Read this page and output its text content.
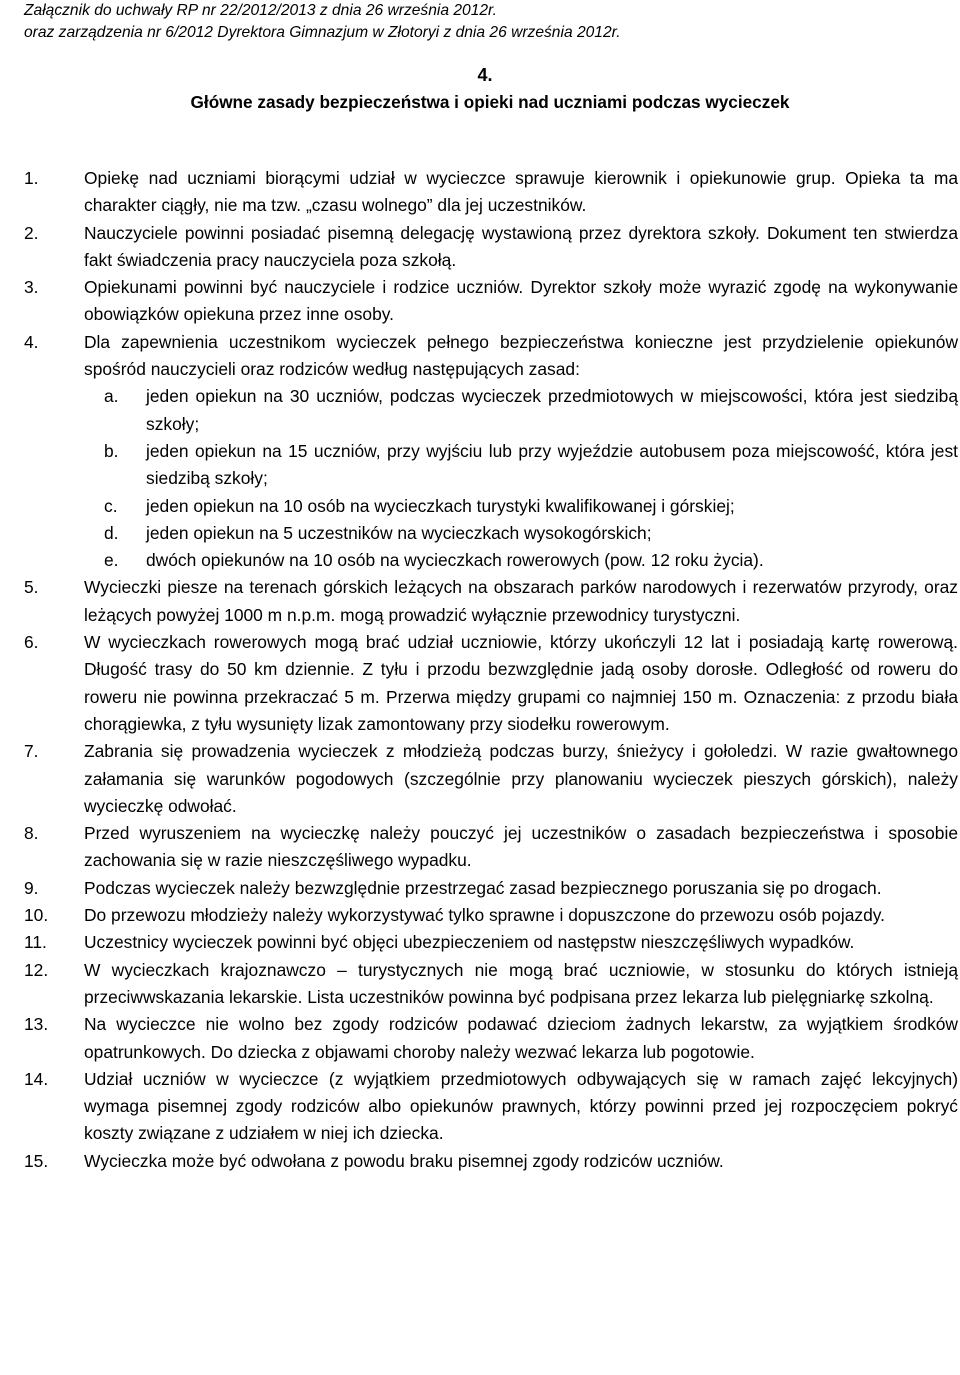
Załącznik do uchwały RP nr 22/2012/2013 z dnia 26 września 2012r.
oraz zarządzenia nr 6/2012 Dyrektora Gimnazjum w Złotoryi z dnia 26 września 2012r.
4.
Główne zasady bezpieczeństwa i opieki nad uczniami podczas wycieczek
1.	Opiekę nad uczniami biorącymi udział w wycieczce sprawuje kierownik i opiekunowie grup. Opieka ta ma charakter ciągły, nie ma tzw. „czasu wolnego” dla jej uczestników.
2.	Nauczyciele powinni posiadać pisemną delegację wystawioną przez dyrektora szkoły. Dokument ten stwierdza fakt świadczenia pracy nauczyciela poza szkołą.
3.	Opiekunami powinni być nauczyciele i rodzice uczniów. Dyrektor szkoły może wyrazić zgodę na wykonywanie obowiązków opiekuna przez inne osoby.
4.	Dla zapewnienia uczestnikom wycieczek pełnego bezpieczeństwa konieczne jest przydzielenie opiekunów spośród nauczycieli oraz rodziców według następujących zasad:
a.	jeden opiekun na 30 uczniów, podczas wycieczek przedmiotowych w miejscowości, która jest siedzibą szkoły;
b.	jeden opiekun na 15 uczniów, przy wyjściu lub przy wyjeździe autobusem poza miejscowość, która jest siedzibą szkoły;
c.	jeden opiekun na 10 osób na wycieczkach turystyki kwalifikowanej i górskiej;
d.	jeden opiekun na 5 uczestników na wycieczkach wysokogórskich;
e.	dwóch opiekunów na 10 osób na wycieczkach rowerowych (pow. 12 roku życia).
5.	Wycieczki piesze na terenach górskich leżących na obszarach parków narodowych i rezerwatów przyrody, oraz leżących powyżej 1000 m n.p.m. mogą prowadzić wyłącznie przewodnicy turystyczni.
6.	W wycieczkach rowerowych mogą brać udział uczniowie, którzy ukończyli 12 lat i posiadają kartę rowerową. Długość trasy do 50 km dziennie. Z tyłu i przodu bezwzględnie jadą osoby dorosłe. Odległość od roweru do roweru nie powinna przekraczać 5 m. Przerwa między grupami co najmniej 150 m. Oznaczenia: z przodu biała chorągiewka, z tyłu wysunięty lizak zamontowany przy siodełku rowerowym.
7.	Zabrania się prowadzenia wycieczek z młodzieżą podczas burzy, śnieżycy i gołoledzi. W razie gwałtownego załamania się warunków pogodowych (szczególnie przy planowaniu wycieczek pieszych górskich), należy wycieczkę odwołać.
8.	Przed wyruszeniem na wycieczkę należy pouczyć jej uczestników o zasadach bezpieczeństwa i sposobie zachowania się w razie nieszczęśliwego wypadku.
9.	Podczas wycieczek należy bezwzględnie przestrzegać zasad bezpiecznego poruszania się po drogach.
10.	Do przewozu młodzieży należy wykorzystywać tylko sprawne i dopuszczone do przewozu osób pojazdy.
11.	Uczestnicy wycieczek powinni być objęci ubezpieczeniem od następstw nieszczęśliwych wypadków.
12.	W wycieczkach krajoznawczo – turystycznych nie mogą brać uczniowie, w stosunku do których istnieją przeciwwskazania lekarskie. Lista uczestników powinna być podpisana przez lekarza lub pielęgniarkę szkolną.
13.	Na wycieczce nie wolno bez zgody rodziców podawać dzieciom żadnych lekarstw, za wyjątkiem środków opatrunkowych. Do dziecka z objawami choroby należy wezwać lekarza lub pogotowie.
14.	Udział uczniów w wycieczce (z wyjątkiem przedmiotowych odbywających się w ramach zajęć lekcyjnych) wymaga pisemnej zgody rodziców albo opiekunów prawnych, którzy powinni przed jej rozpoczęciem pokryć koszty związane z udziałem w niej ich dziecka.
15.	Wycieczka może być odwołana z powodu braku pisemnej zgody rodziców uczniów.
